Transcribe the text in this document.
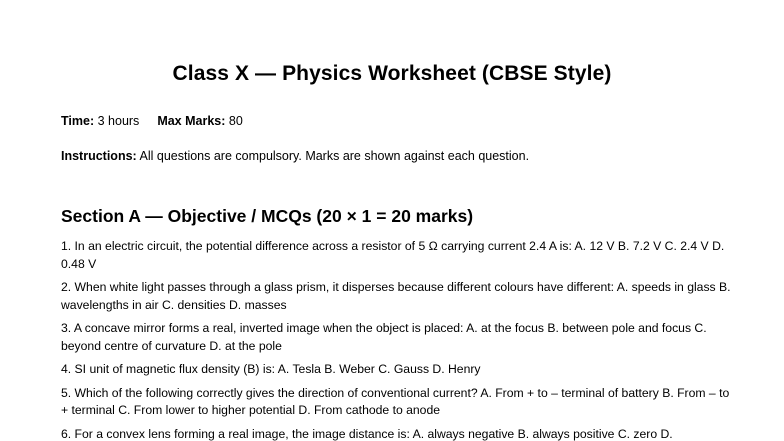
Class X — Physics Worksheet (CBSE Style)
Time: 3 hours Max Marks: 80
Instructions: All questions are compulsory. Marks are shown against each question.
Section A — Objective / MCQs (20 × 1 = 20 marks)
1. In an electric circuit, the potential difference across a resistor of 5 Ω carrying current 2.4 A is: A. 12 V B. 7.2 V C. 2.4 V D. 0.48 V
2. When white light passes through a glass prism, it disperses because different colours have different: A. speeds in glass B. wavelengths in air C. densities D. masses
3. A concave mirror forms a real, inverted image when the object is placed: A. at the focus B. between pole and focus C. beyond centre of curvature D. at the pole
4. SI unit of magnetic flux density (B) is: A. Tesla B. Weber C. Gauss D. Henry
5. Which of the following correctly gives the direction of conventional current? A. From + to – terminal of battery B. From – to + terminal C. From lower to higher potential D. From cathode to anode
6. For a convex lens forming a real image, the image distance is: A. always negative B. always positive C. zero D.
